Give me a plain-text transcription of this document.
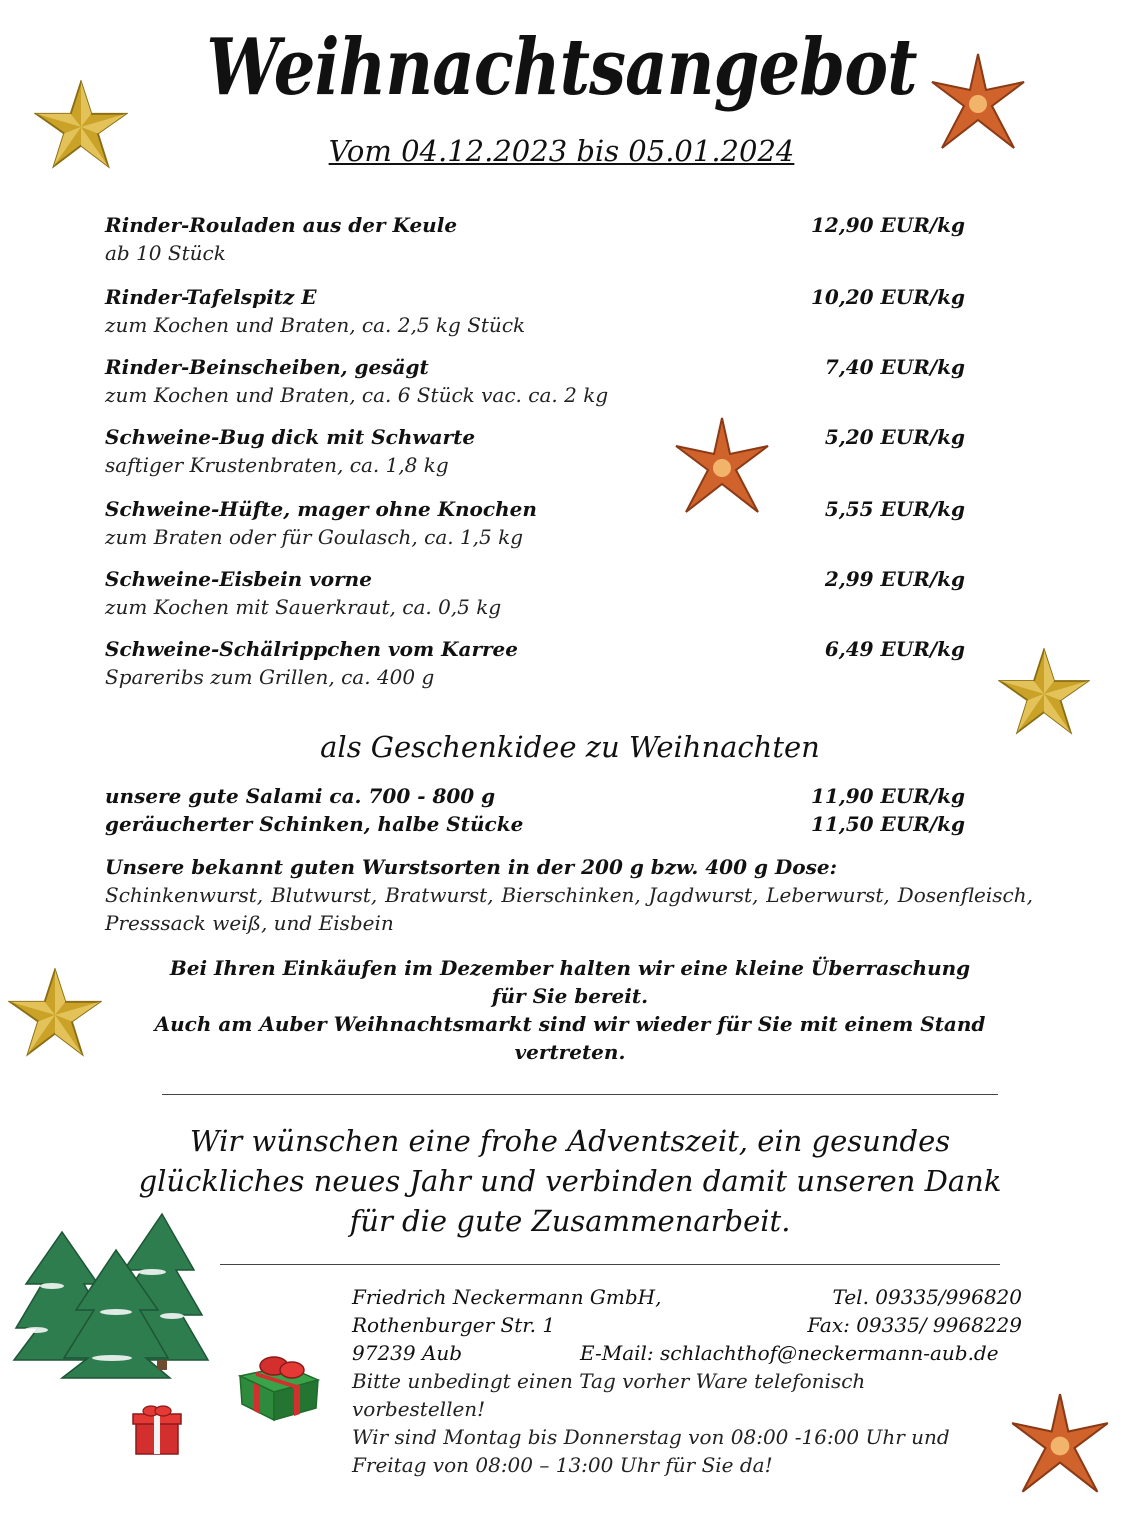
Weihnachtsangebot
Vom 04.12.2023 bis 05.01.2024
Rinder-Rouladen aus der Keule
ab 10 Stück
12,90 EUR/kg
Rinder-Tafelspitz E
zum Kochen und Braten, ca. 2,5 kg Stück
10,20 EUR/kg
Rinder-Beinscheiben, gesägt
zum Kochen und Braten, ca. 6 Stück vac. ca. 2 kg
7,40 EUR/kg
Schweine-Bug dick mit Schwarte
saftiger Krustenbraten, ca. 1,8 kg
5,20 EUR/kg
Schweine-Hüfte, mager ohne Knochen
zum Braten oder für Goulasch, ca. 1,5 kg
5,55 EUR/kg
Schweine-Eisbein vorne
zum Kochen mit Sauerkraut, ca. 0,5 kg
2,99 EUR/kg
Schweine-Schälrippchen vom Karree
Spareribs zum Grillen, ca. 400 g
6,49 EUR/kg
als Geschenkidee zu Weihnachten
unsere gute Salami ca. 700 - 800 g	11,90 EUR/kg
geräucherter Schinken, halbe Stücke	11,50 EUR/kg
Unsere bekannt guten Wurstsorten in der 200 g bzw. 400 g Dose:
Schinkenwurst, Blutwurst, Bratwurst, Bierschinken, Jagdwurst, Leberwurst, Dosenfleisch, Presssack weiß, und Eisbein
Bei Ihren Einkäufen im Dezember halten wir eine kleine Überraschung für Sie bereit.
Auch am Auber Weihnachtsmarkt sind wir wieder für Sie mit einem Stand vertreten.
Wir wünschen eine frohe Adventszeit, ein gesundes
glückliches neues Jahr und verbinden damit unseren Dank
für die gute Zusammenarbeit.
Friedrich Neckermann GmbH,	Tel. 09335/996820
Rothenburger Str. 1	Fax: 09335/ 9968229
97239 Aub	E-Mail: schlachthof@neckermann-aub.de
Bitte unbedingt einen Tag vorher Ware telefonisch
vorbestellen!
Wir sind Montag bis Donnerstag von 08:00 -16:00 Uhr und
Freitag von 08:00 – 13:00 Uhr für Sie da!
